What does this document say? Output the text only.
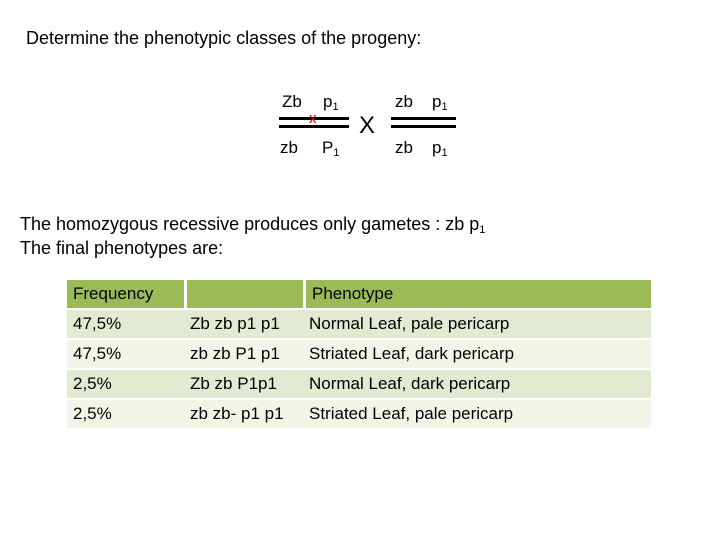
Determine the phenotypic classes of the progeny:
Zb $p_1$
x
zb $P_1$
X
zb $p_1$
zb $p_1$
The homozygous recessive produces only gametes : zb $p_1$
The final phenotypes are:
Frequency		Phenotype
47,5%	Zb zb p1 p1	Normal Leaf, pale pericarp
47,5%	zb zb P1 p1	Striated Leaf, dark pericarp
2,5%	Zb zb P1p1	Normal Leaf, dark pericarp
2,5%	zb zb- p1 p1	Striated Leaf, pale pericarp
